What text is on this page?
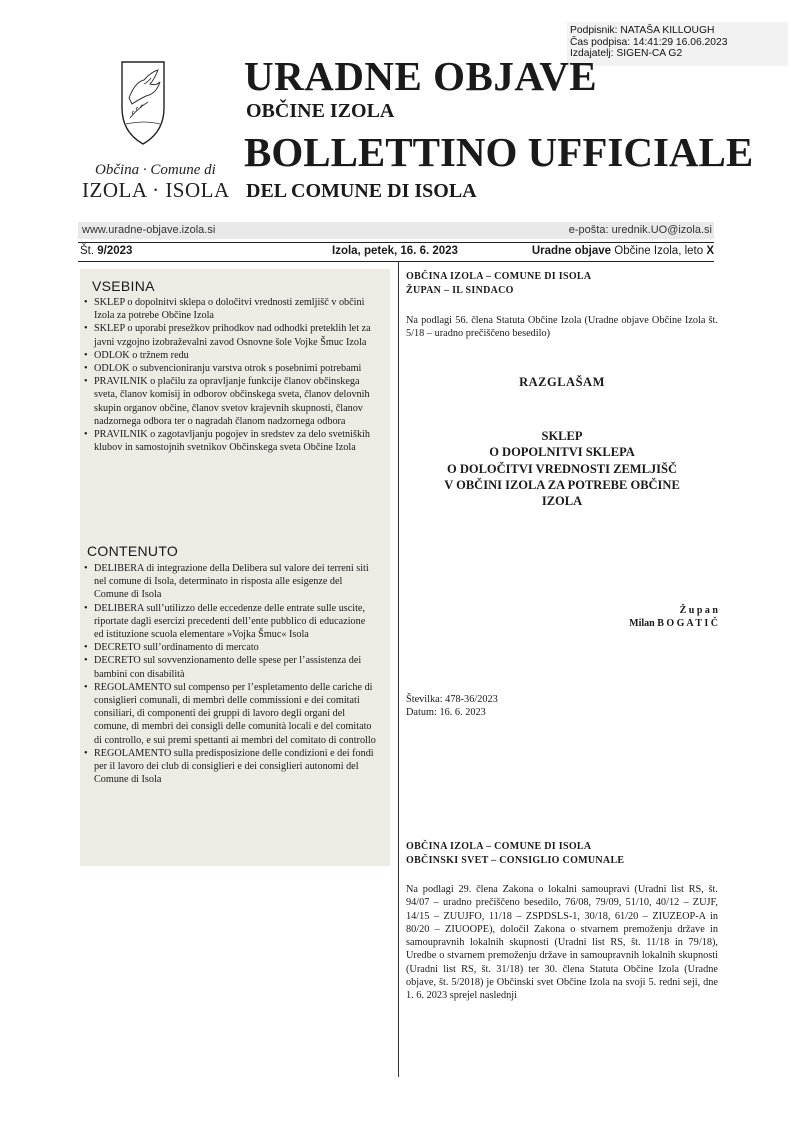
Podpisnik: NATAŠA KILLOUGH
Čas podpisa: 14:41:29 16.06.2023
Izdajatelj: SIGEN-CA G2
Občina · Comune di
IZOLA · ISOLA
URADNE OBJAVE
OBČINE IZOLA
BOLLETTINO UFFICIALE
DEL COMUNE DI ISOLA
www.uradne-objave.izola.si	e-pošta: urednik.UO@izola.si
Št. 9/2023	Izola, petek, 16. 6. 2023	Uradne objave Občine Izola, leto X
VSEBINA
• SKLEP o dopolnitvi sklepa o določitvi vrednosti zemljišč v občini Izola za potrebe Občine Izola
• SKLEP o uporabi presežkov prihodkov nad odhodki preteklih let za javni vzgojno izobraževalni zavod Osnovne šole Vojke Šmuc Izola
• ODLOK o tržnem redu
• ODLOK o subvencioniranju varstva otrok s posebnimi potrebami
• PRAVILNIK o plačilu za opravljanje funkcije članov občinskega sveta, članov komisij in odborov občinskega sveta, članov delovnih skupin organov občine, članov svetov krajevnih skupnosti, članov nadzornega odbora ter o nagradah članom nadzornega odbora
• PRAVILNIK o zagotavljanju pogojev in sredstev za delo svetniških klubov in samostojnih svetnikov Občinskega sveta Občine Izola
CONTENUTO
• DELIBERA di integrazione della Delibera sul valore dei terreni siti nel comune di Isola, determinato in risposta alle esigenze del Comune di Isola
• DELIBERA sull’utilizzo delle eccedenze delle entrate sulle uscite, riportate dagli esercizi precedenti dell’ente pubblico di educazione ed istituzione scuola elementare »Vojka Šmuc« Isola
• DECRETO sull’ordinamento di mercato
• DECRETO sul sovvenzionamento delle spese per l’assistenza dei bambini con disabilità
• REGOLAMENTO sul compenso per l’espletamento delle cariche di consiglieri comunali, di membri delle commissioni e dei comitati consiliari, di componenti dei gruppi di lavoro degli organi del comune, di membri dei consigli delle comunità locali e del comitato di controllo, e sui premi spettanti ai membri del comitato di controllo
• REGOLAMENTO sulla predisposizione delle condizioni e dei fondi per il lavoro dei club di consiglieri e dei consiglieri autonomi del Comune di Isola
OBČINA IZOLA – COMUNE DI ISOLA
ŽUPAN – IL SINDACO
Na podlagi 56. člena Statuta Občine Izola (Uradne objave Občine Izola št. 5/18 – uradno prečiščeno besedilo)
RAZGLAŠAM
SKLEP
O DOPOLNITVI SKLEPA
O DOLOČITVI VREDNOSTI ZEMLJIŠČ
V OBČINI IZOLA ZA POTREBE OBČINE
IZOLA
Ž u p a n
Milan B O G A T I Č
Številka: 478-36/2023
Datum: 16. 6. 2023
OBČINA IZOLA – COMUNE DI ISOLA
OBČINSKI SVET – CONSIGLIO COMUNALE
Na podlagi 29. člena Zakona o lokalni samoupravi (Uradni list RS, št. 94/07 – uradno prečiščeno besedilo, 76/08, 79/09, 51/10, 40/12 – ZUJF, 14/15 – ZUUJFO, 11/18 – ZSPDSLS-1, 30/18, 61/20 – ZIUZEOP-A in 80/20 – ZIUOOPE), določil Zakona o stvarnem premoženju države in samoupravnih lokalnih skupnosti (Uradni list RS, št. 11/18 in 79/18), Uredbe o stvarnem premoženju države in samoupravnih lokalnih skupnosti (Uradni list RS, št. 31/18) ter 30. člena Statuta Občine Izola (Uradne objave, št. 5/2018) je Občinski svet Občine Izola na svoji 5. redni seji, dne 1. 6. 2023 sprejel naslednji
